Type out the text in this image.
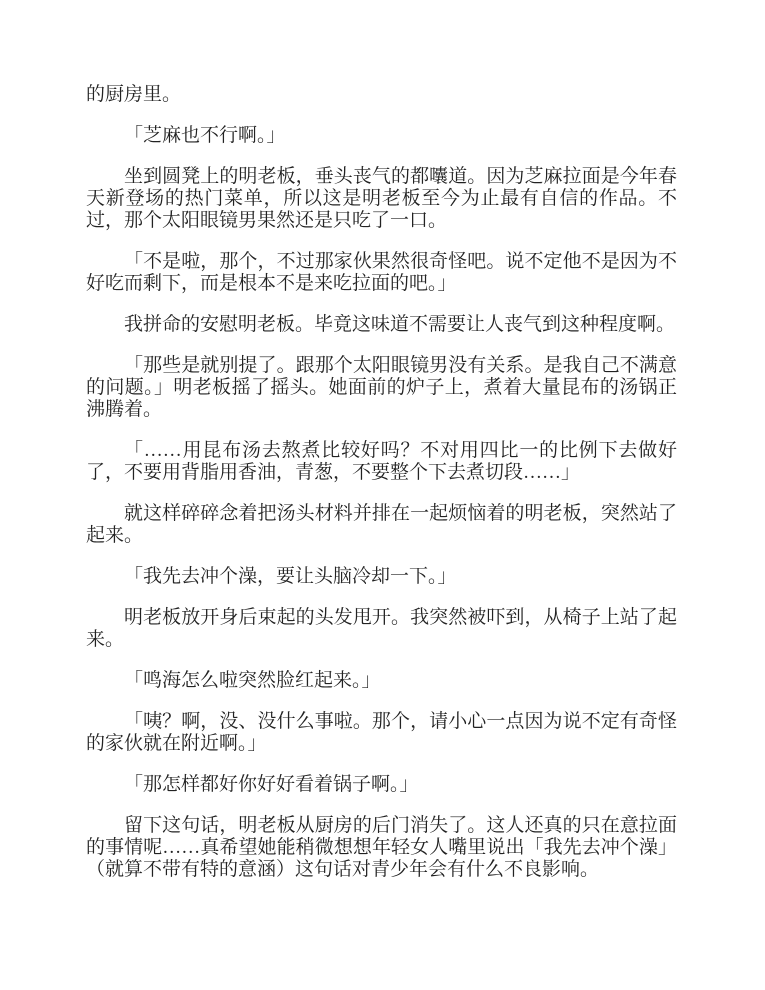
的厨房里。

「芝麻也不行啊。」

坐到圆凳上的明老板，垂头丧气的都囔道。因为芝麻拉面是今年春天新登场的热门菜单，所以这是明老板至今为止最有自信的作品。不过，那个太阳眼镜男果然还是只吃了一口。

「不是啦，那个，不过那家伙果然很奇怪吧。说不定他不是因为不好吃而剩下，而是根本不是来吃拉面的吧。」

我拼命的安慰明老板。毕竟这味道不需要让人丧气到这种程度啊。

「那些是就别提了。跟那个太阳眼镜男没有关系。是我自己不满意的问题。」明老板摇了摇头。她面前的炉子上，煮着大量昆布的汤锅正沸腾着。

「……用昆布汤去熬煮比较好吗？不对用四比一的比例下去做好了，不要用背脂用香油，青葱，不要整个下去煮切段……」

就这样碎碎念着把汤头材料并排在一起烦恼着的明老板，突然站了起来。

「我先去冲个澡，要让头脑冷却一下。」

明老板放开身后束起的头发甩开。我突然被吓到，从椅子上站了起来。

「鸣海怎么啦突然脸红起来。」

「咦？啊，没、没什么事啦。那个，请小心一点因为说不定有奇怪的家伙就在附近啊。」

「那怎样都好你好好看着锅子啊。」

留下这句话，明老板从厨房的后门消失了。这人还真的只在意拉面的事情呢……真希望她能稍微想想年轻女人嘴里说出「我先去冲个澡」（就算不带有特的意涵）这句话对青少年会有什么不良影响。
